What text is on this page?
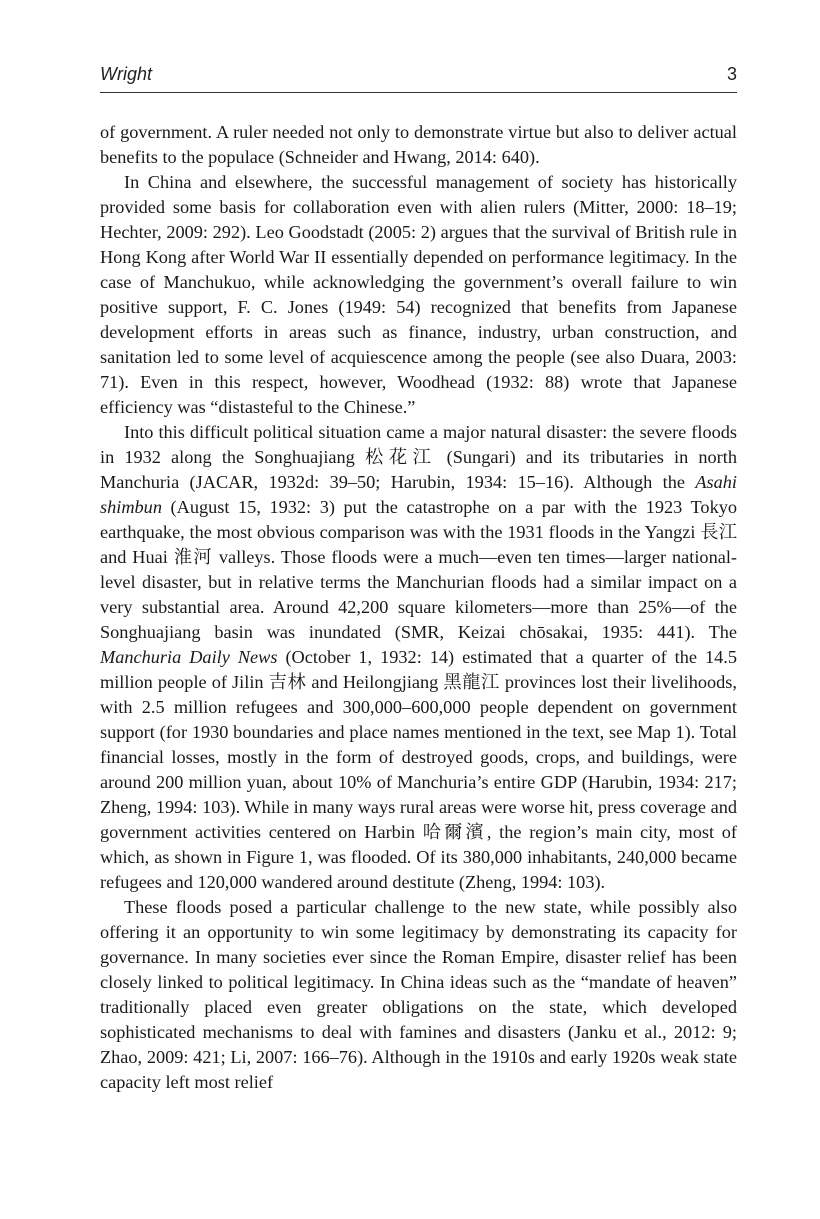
Wright	3

of government. A ruler needed not only to demonstrate virtue but also to deliver actual benefits to the populace (Schneider and Hwang, 2014: 640).

In China and elsewhere, the successful management of society has historically provided some basis for collaboration even with alien rulers (Mitter, 2000: 18–19; Hechter, 2009: 292). Leo Goodstadt (2005: 2) argues that the survival of British rule in Hong Kong after World War II essentially depended on performance legitimacy. In the case of Manchukuo, while acknowledging the government’s overall failure to win positive support, F. C. Jones (1949: 54) recognized that benefits from Japanese development efforts in areas such as finance, industry, urban construction, and sanitation led to some level of acquiescence among the people (see also Duara, 2003: 71). Even in this respect, however, Woodhead (1932: 88) wrote that Japanese efficiency was “distasteful to the Chinese.”

Into this difficult political situation came a major natural disaster: the severe floods in 1932 along the Songhuajiang 松花江 (Sungari) and its tributaries in north Manchuria (JACAR, 1932d: 39–50; Harubin, 1934: 15–16). Although the Asahi shimbun (August 15, 1932: 3) put the catastrophe on a par with the 1923 Tokyo earthquake, the most obvious comparison was with the 1931 floods in the Yangzi 長江 and Huai 淮河 valleys. Those floods were a much—even ten times—larger national-level disaster, but in relative terms the Manchurian floods had a similar impact on a very substantial area. Around 42,200 square kilometers—more than 25%—of the Songhuajiang basin was inundated (SMR, Keizai chōsakai, 1935: 441). The Manchuria Daily News (October 1, 1932: 14) estimated that a quarter of the 14.5 million people of Jilin 吉林 and Heilongjiang 黑龍江 provinces lost their livelihoods, with 2.5 million refugees and 300,000–600,000 people dependent on government support (for 1930 boundaries and place names mentioned in the text, see Map 1). Total financial losses, mostly in the form of destroyed goods, crops, and buildings, were around 200 million yuan, about 10% of Manchuria’s entire GDP (Harubin, 1934: 217; Zheng, 1994: 103). While in many ways rural areas were worse hit, press coverage and government activities centered on Harbin 哈爾濱, the region’s main city, most of which, as shown in Figure 1, was flooded. Of its 380,000 inhabitants, 240,000 became refugees and 120,000 wandered around destitute (Zheng, 1994: 103).

These floods posed a particular challenge to the new state, while possibly also offering it an opportunity to win some legitimacy by demonstrating its capacity for governance. In many societies ever since the Roman Empire, disaster relief has been closely linked to political legitimacy. In China ideas such as the “mandate of heaven” traditionally placed even greater obligations on the state, which developed sophisticated mechanisms to deal with famines and disasters (Janku et al., 2012: 9; Zhao, 2009: 421; Li, 2007: 166–76). Although in the 1910s and early 1920s weak state capacity left most relief
